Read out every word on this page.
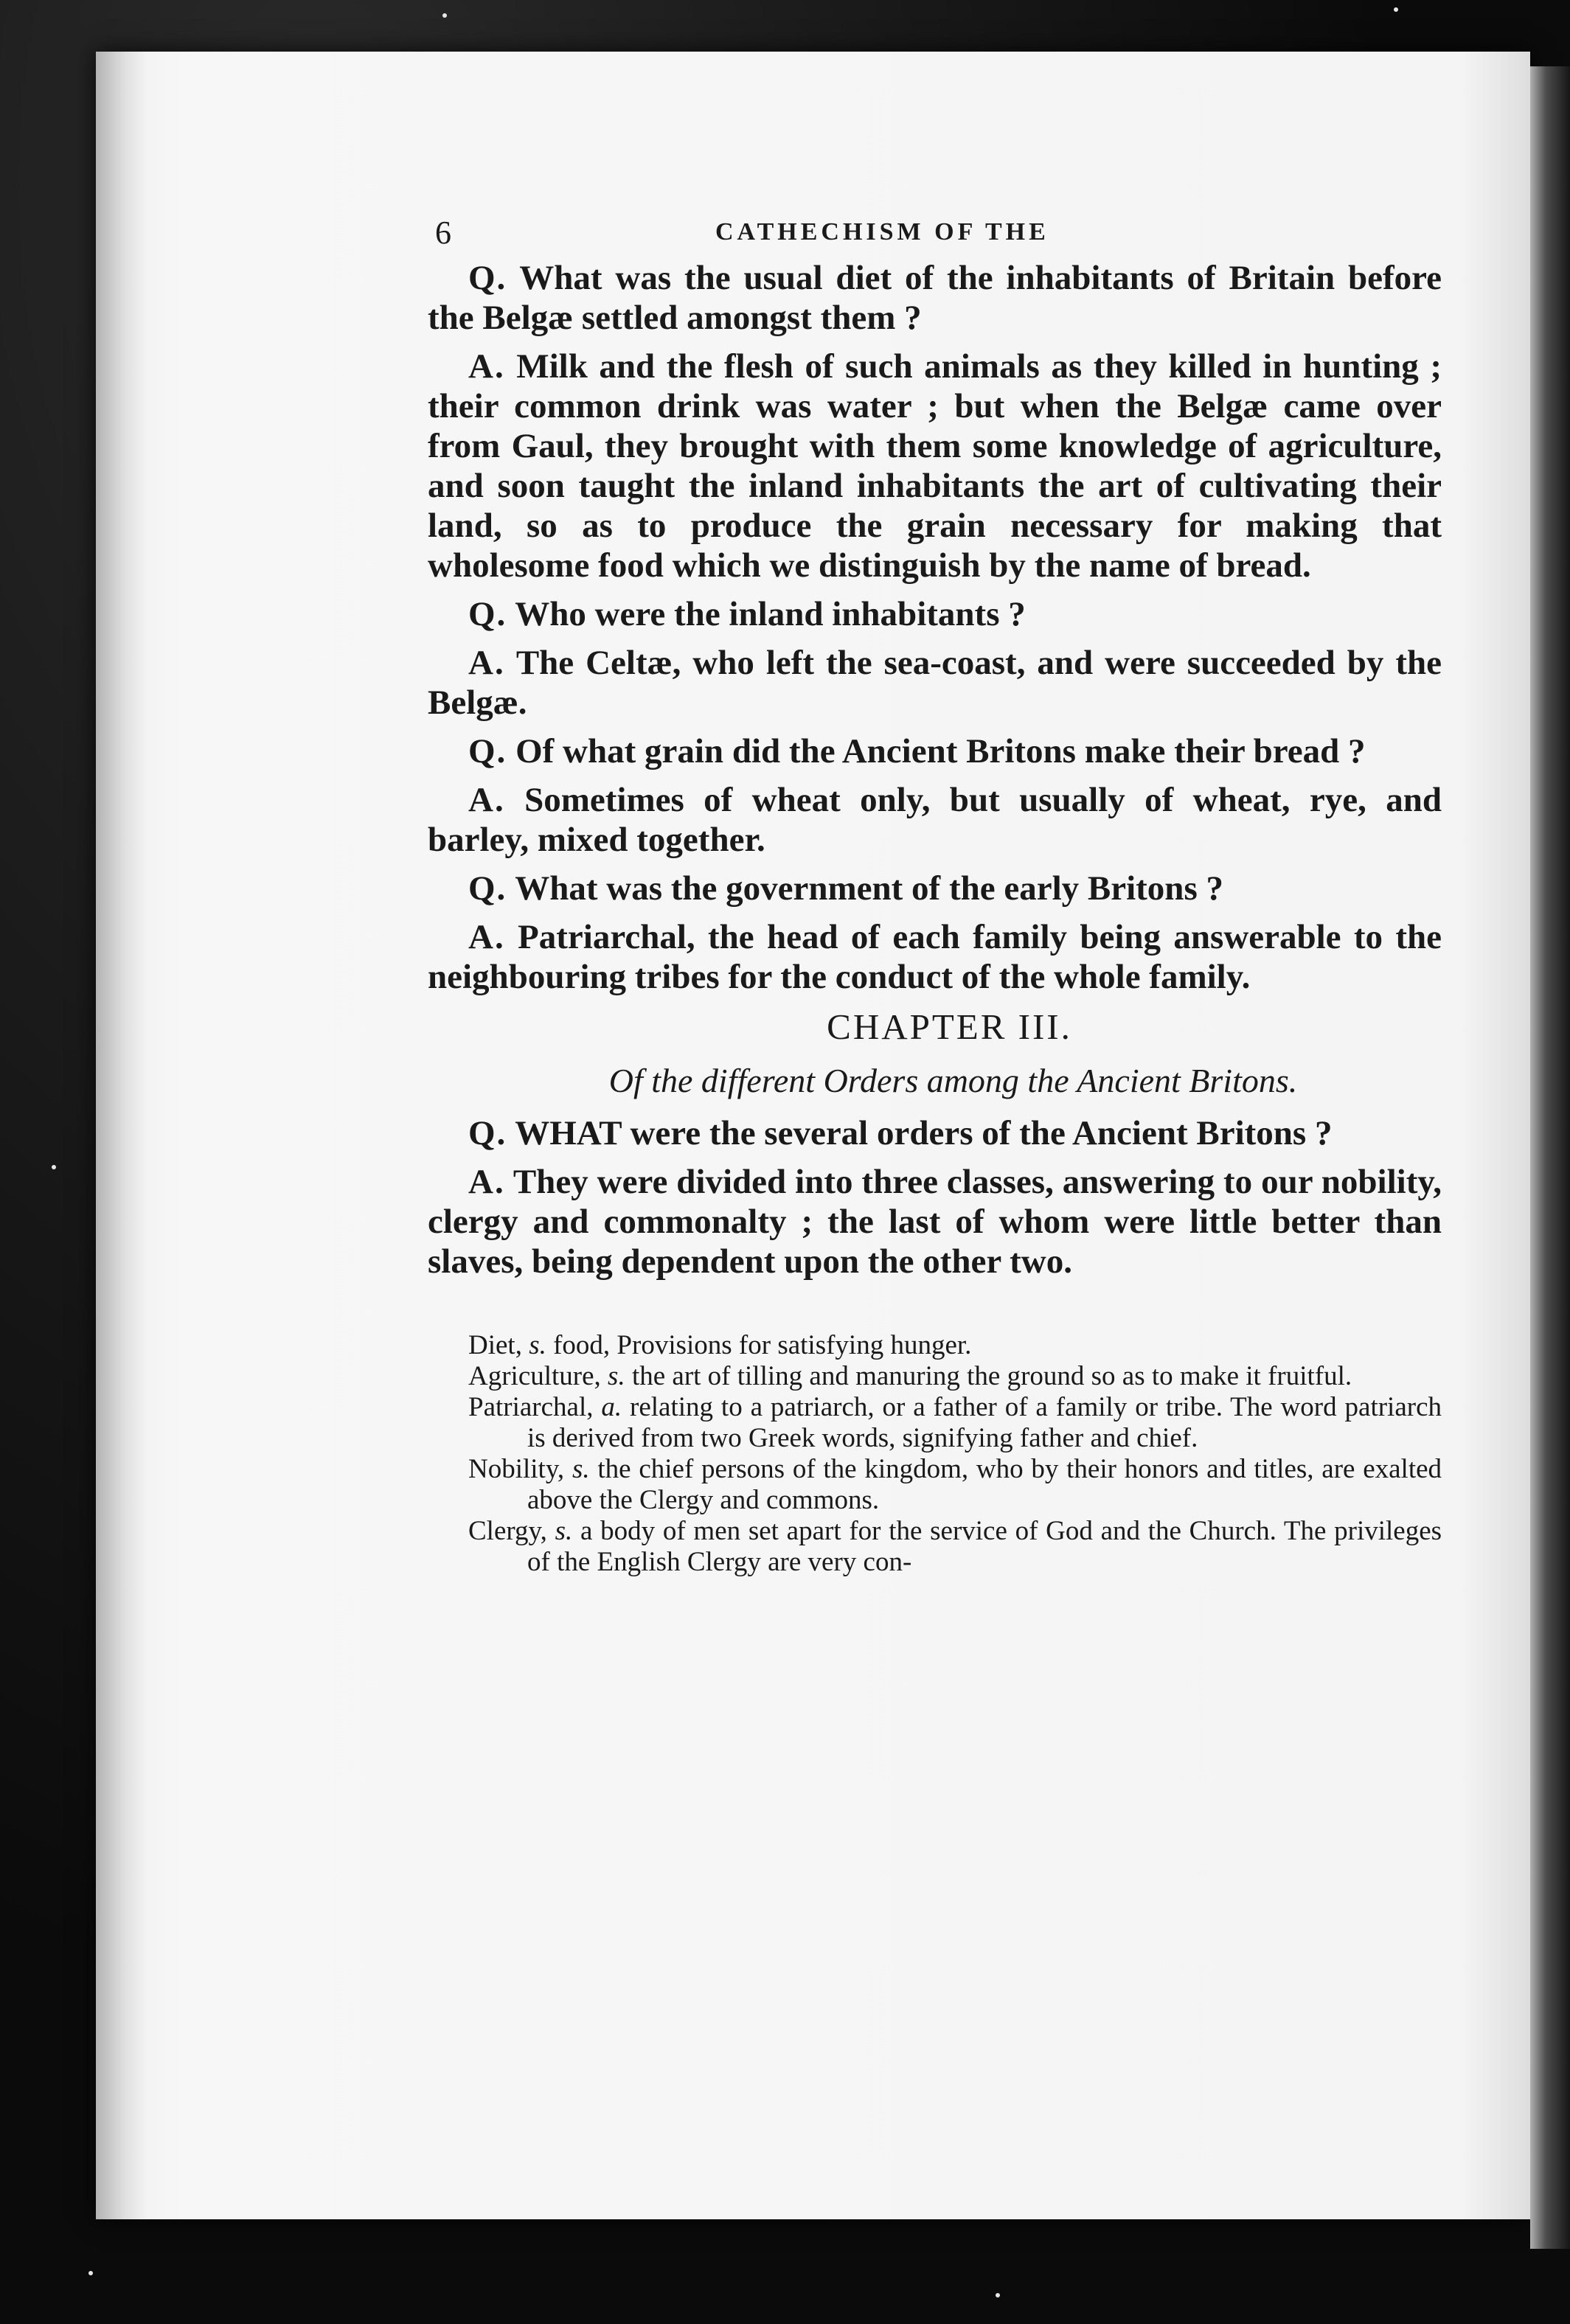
6	CATHECHISM OF THE

Q. What was the usual diet of the inhabitants of Britain before the Belgæ settled amongst them ?

A. Milk and the flesh of such animals as they killed in hunting ; their common drink was water ; but when the Belgæ came over from Gaul, they brought with them some knowledge of agriculture, and soon taught the inland inhabitants the art of cultivating their land, so as to produce the grain necessary for making that wholesome food which we distinguish by the name of bread.

Q. Who were the inland inhabitants ?

A. The Celtæ, who left the sea-coast, and were succeeded by the Belgæ.

Q. Of what grain did the Ancient Britons make their bread ?

A. Sometimes of wheat only, but usually of wheat, rye, and barley, mixed together.

Q. What was the government of the early Britons ?

A. Patriarchal, the head of each family being answerable to the neighbouring tribes for the conduct of the whole family.

CHAPTER III.
Of the different Orders among the Ancient Britons.

Q. WHAT were the several orders of the Ancient Britons ?

A. They were divided into three classes, answering to our nobility, clergy and commonalty ; the last of whom were little better than slaves, being dependent upon the other two.

Diet, s. food, Provisions for satisfying hunger.

Agriculture, s. the art of tilling and manuring the ground so as to make it fruitful.

Patriarchal, a. relating to a patriarch, or a father of a family or tribe. The word patriarch is derived from two Greek words, signifying father and chief.

Nobility, s. the chief persons of the kingdom, who by their honors and titles, are exalted above the Clergy and commons.

Clergy, s. a body of men set apart for the service of God and the Church. The privileges of the English Clergy are very con-
